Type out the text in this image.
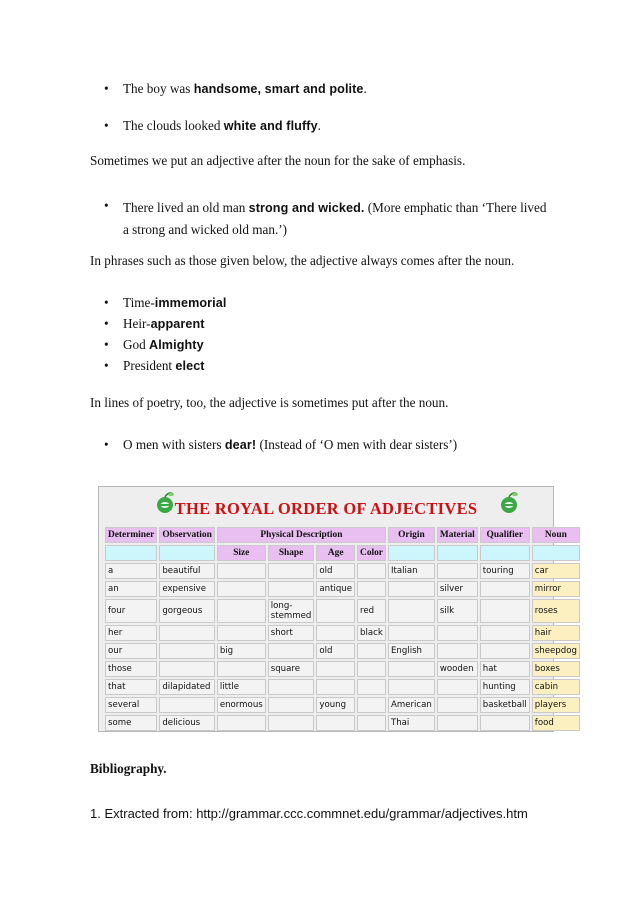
• The boy was handsome, smart and polite.
• The clouds looked white and fluffy.
Sometimes we put an adjective after the noun for the sake of emphasis.
• There lived an old man strong and wicked. (More emphatic than ‘There lived a strong and wicked old man.’)
In phrases such as those given below, the adjective always comes after the noun.
• Time-immemorial
• Heir-apparent
• God Almighty
• President elect
In lines of poetry, too, the adjective is sometimes put after the noun.
• O men with sisters dear! (Instead of ‘O men with dear sisters’)
THE ROYAL ORDER OF ADJECTIVES
Determiner	Observation	Physical Description				Origin	Material	Qualifier	Noun
		Size	Shape	Age	Color				
a	beautiful			old		Italian		touring	car
an	expensive			antique			silver		mirror
four	gorgeous		long-stemmed		red		silk		roses
her			short		black				hair
our		big		old		English			sheepdog
those			square				wooden	hat	boxes
that	dilapidated	little						hunting	cabin
several		enormous		young		American		basketball	players
some	delicious					Thai			food
Bibliography.
1. Extracted from: http://grammar.ccc.commnet.edu/grammar/adjectives.htm
